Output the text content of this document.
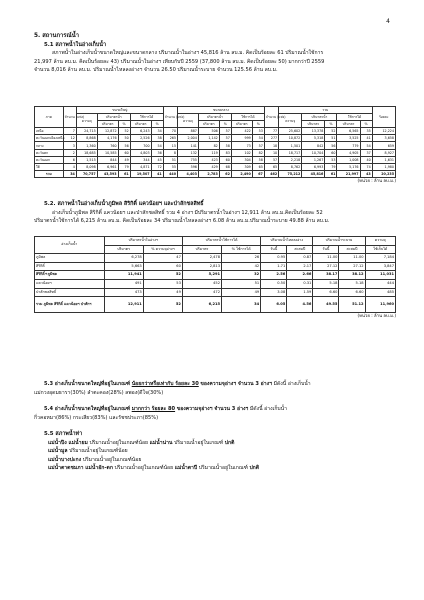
4
5. สถานการณ์น้ำ
5.1 สภาพน้ำในอ่างเก็บน้ำ
สภาพน้ำในอ่างเก็บน้ำขนาดใหญ่และขนาดกลาง ปริมาณน้ำในอ่างฯ 45,816 ล้าน ลบ.ม. คิดเป็นร้อยละ 61 ปริมาณน้ำใช้การ
21,997 ล้าน ลบ.ม. คิดเป็นร้อยละ 43) ปริมาณน้ำในอ่างฯ เทียบกับปี 2559 (37,800 ล้าน ลบ.ม. คิดเป็นร้อยละ 50) มากกว่าปี 2559
จำนวน 8,016 ล้าน ลบ.ม. ปริมาณน้ำไหลลงอ่างฯ จำนวน 26.50 ปริมาณน้ำระบาย จำนวน 125.56 ล้าน ลบ.ม.
ภาค	จำนวน (แห่ง)	ขนาดใหญ่					จำนวน (แห่ง)	ขนาดกลาง					จำนวน (แห่ง)	รวม					ร้อยละ
		ความจุ	ปริมาตรน้ำ		ใช้การได้			ความจุ	ปริมาตรน้ำ		ใช้การได้			ความจุ	ปริมาตรน้ำ		ใช้การได้		
			ปริมาตร	%	ปริมาตร	%			ปริมาตร	%	ปริมาตร	%			ปริมาตร	%	ปริมาตร	%	
เหนือ	7	24,715	12,872	52	6,243	34	70	887	506	57	422	53	77	25,602	13,378	52	6,565	35	12,224
ตะวันออกเฉียงเหนือ	12	8,868	4,176	50	2,526	38	265	2,004	1,142	57	999	54	277	10,872	5,318	51	3,525	41	3,658
กลาง	3	1,360	760	56	700	54	15	141	82	58	73	57	18	1,501	842	56	779	54	659
ตะวันตก	2	18,685	10,585	60	4,803	36	8	132	119	83	102	82	10	18,717	10,704	60	4,905	37	8,927
ตะวันออก	6	1,515	844	49	344	45	51	755	423	60	304	58	57	2,218	1,267	53	1,008	40	1,631
ใต้	4	8,098	6,961	79	4,871	72	55	596	429	68	309	65	65	8,762	6,993	79	5,176	74	1,980
รวม	34	70,757	43,593	61	19,507	41	440	4,403	2,783	62	2,490	67	462	75,212	45,816	61	21,997	43	20,235
(หน่วย : ล้าน ลบ.ม.)
5.2. สภาพน้ำในอ่างเก็บน้ำภูมิพล สิริกิติ์ แควน้อยฯ และป่าสักชลสิทธิ์
อ่างเก็บน้ำภูมิพล สิริกิติ์ แควน้อยฯ และป่าสักชลสิทธิ์ รวม 4 อ่างฯ มีปริมาตรน้ำในอ่างฯ 12,911 ล้าน ลบ.ม.คิดเป็นร้อยละ 52
ปริมาตรน้ำใช้การได้ 6,215 ล้าน ลบ.ม. คิดเป็นร้อยละ 34 ปริมาณน้ำไหลลงอ่างฯ 6.08 ล้าน ลบ.ม.ปริมาณน้ำระบาย 49.88 ล้าน ลบ.ม.
อ่างเก็บน้ำ	ปริมาตรน้ำในอ่างฯ		ปริมาตรน้ำใช้การได้		ปริมาณน้ำไหลลงอ่าง		ปริมาณน้ำระบาย		ความจุ
	ปริมาตร	% ความจุอ่างฯ	ปริมาตร	% ใช้การได้	วันนี้	สะสมปี	วันนี้	สะสมปี	ใช้เก็บได้
ภูมิพล	6,278	47	2,478	26	0.95	0.87	11.00	11.00	7,184
สิริกิติ์	5,663	60	2,813	42	1.71	2.17	27.12	27.12	3,847
สิริกิติ์+ภูมิพล	11,941	52	5,291	32	2.56	2.66	38.17	38.12	11,031
แควน้อยฯ	491	53	452	51	0.50	0.31	5.18	5.18	444
ป่าสักชลสิทธิ์	473	49	472	49	3.08	1.59	6.60	6.60	485
รวม ภูมิพล สิริกิติ์ แควน้อยฯ ป่าสักฯ	12,911	52	6,215	34	6.05	4.56	49.55	51.12	11,960
(หน่วย : ล้าน ลบ.ม.)
5.3 อ่างเก็บน้ำขนาดใหญ่ที่อยู่ในเกณฑ์ น้อยกว่าหรือเท่ากับ ร้อยละ 30 ของความจุอ่างฯ จำนวน 3 อ่างฯ มีดังนี้ อ่างเก็บน้ำ
แม่กวงอุดมธารา(30%) ลำตะคอง(28%) ลพอง(ดีใจ(30%)
5.4 อ่างเก็บน้ำขนาดใหญ่ที่อยู่ในเกณฑ์ มากกว่า ร้อยละ 80 ของความจุอ่างฯ จำนวน 3 อ่างฯ มีดังนี้ อ่างเก็บน้ำ
กิ่วคอหมา(86%) กระเสียว(83%) และรัชชประภา(85%)
5.5 สภาพน้ำท่า
แม่น้ำปิง แม่น้ำยม ปริมาณน้ำอยู่ในเกณฑ์น้อย แม่น้ำน่าน ปริมาณน้ำอยู่ในเกณฑ์ ปกติ
แม่น้ำมูล ปริมาณน้ำอยู่ในเกณฑ์น้อย
แม่น้ำบางปะกง ปริมาณน้ำอยู่ในเกณฑ์น้อย
แม่น้ำตาดชมภา แม่น้ำอัก-ดก ปริมาณน้ำอยู่ในเกณฑ์น้อย แม่น้ำตาปี ปริมาณน้ำอยู่ในเกณฑ์ ปกติ
